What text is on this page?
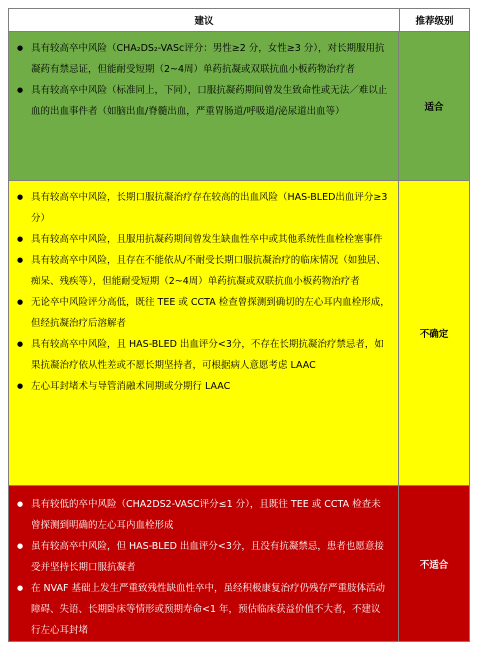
建议	推荐级别
● 具有较高卒中风险（CHA₂DS₂-VASc评分：男性≥2 分，女性≥3 分），对长期服用抗凝药有禁忌证，但能耐受短期（2~4周）单药抗凝或双联抗血小板药物治疗者
● 具有较高卒中风险（标准同上，下同），口服抗凝药期间曾发生致命性或无法／难以止血的出血事件者（如脑出血/脊髓出血，严重胃肠道/呼吸道/泌尿道出血等）	适合
● 具有较高卒中风险，长期口服抗凝治疗存在较高的出血风险（HAS-BLED出血评分≥3 分）
● 具有较高卒中风险，且服用抗凝药期间曾发生缺血性卒中或其他系统性血栓栓塞事件
● 具有较高卒中风险，且存在不能依从/不耐受长期口服抗凝治疗的临床情况（如独居、痴呆、残疾等），但能耐受短期（2~4周）单药抗凝或双联抗血小板药物治疗者
● 无论卒中风险评分高低，既往 TEE 或 CCTA 检查曾探测到确切的左心耳内血栓形成，但经抗凝治疗后溶解者
● 具有较高卒中风险，且 HAS-BLED 出血评分<3分，不存在长期抗凝治疗禁忌者，如果抗凝治疗依从性差或不愿长期坚持者，可根据病人意愿考虑 LAAC
● 左心耳封堵术与导管消融术同期或分期行 LAAC
不确定
● 具有较低的卒中风险（CHA2DS2-VASC评分≤1 分），且既往 TEE 或 CCTA 检查未曾探测到明确的左心耳内血栓形成
● 虽有较高卒中风险，但 HAS-BLED 出血评分<3分，且没有抗凝禁忌，患者也愿意接受并坚持长期口服抗凝者
● 在 NVAF 基础上发生严重致残性缺血性卒中，虽经积极康复治疗仍残存严重肢体活动障碍、失语、长期卧床等情形或预期寿命<1 年，预估临床获益价值不大者，不建议行左心耳封堵
不适合
